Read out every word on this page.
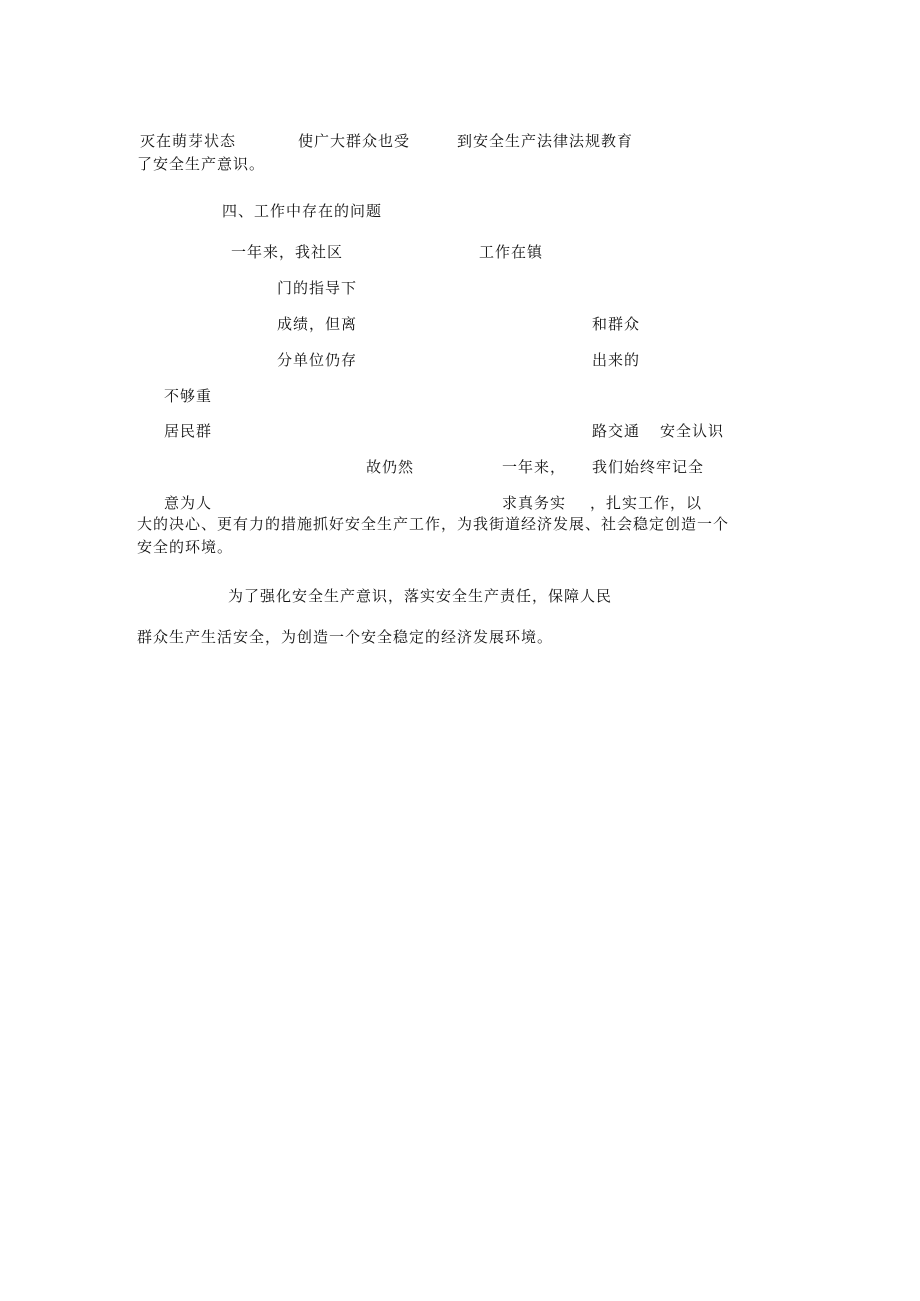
灭在萌芽状态	使广大群众也受	到安全生产法律法规教育
了安全生产意识。
四、工作中存在的问题
一年来，我社区	工作在镇
门的指导下
成绩，但离	和群众
分单位仍存	出来的
不够重
居民群	路交通 安全认识
故仍然	一年来， 我们始终牢记全
意为人	求真务实 ，扎实工作，以
大的决心、更有力的措施抓好安全生产工作，为我街道经济发展、社会稳定创造一个
安全的环境。
为了强化安全生产意识，落实安全生产责任，保障人民
群众生产生活安全，为创造一个安全稳定的经济发展环境。
